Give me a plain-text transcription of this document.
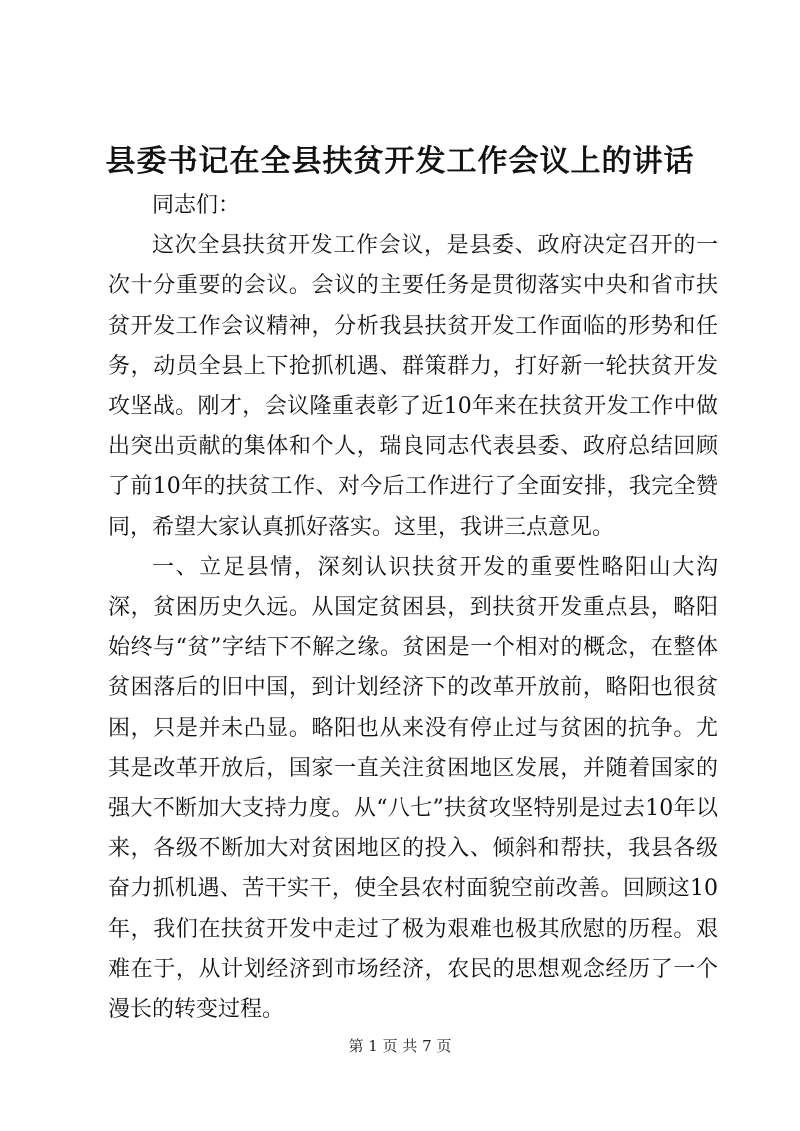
县委书记在全县扶贫开发工作会议上的讲话

同志们：

这次全县扶贫开发工作会议，是县委、政府决定召开的一次十分重要的会议。会议的主要任务是贯彻落实中央和省市扶贫开发工作会议精神，分析我县扶贫开发工作面临的形势和任务，动员全县上下抢抓机遇、群策群力，打好新一轮扶贫开发攻坚战。刚才，会议隆重表彰了近10年来在扶贫开发工作中做出突出贡献的集体和个人，瑞良同志代表县委、政府总结回顾了前10年的扶贫工作、对今后工作进行了全面安排，我完全赞同，希望大家认真抓好落实。这里，我讲三点意见。

一、立足县情，深刻认识扶贫开发的重要性略阳山大沟深，贫困历史久远。从国定贫困县，到扶贫开发重点县，略阳始终与“贫”字结下不解之缘。贫困是一个相对的概念，在整体贫困落后的旧中国，到计划经济下的改革开放前，略阳也很贫困，只是并未凸显。略阳也从来没有停止过与贫困的抗争。尤其是改革开放后，国家一直关注贫困地区发展，并随着国家的强大不断加大支持力度。从“八七”扶贫攻坚特别是过去10年以来，各级不断加大对贫困地区的投入、倾斜和帮扶，我县各级奋力抓机遇、苦干实干，使全县农村面貌空前改善。回顾这10年，我们在扶贫开发中走过了极为艰难也极其欣慰的历程。艰难在于，从计划经济到市场经济，农民的思想观念经历了一个漫长的转变过程。

第 1 页 共 7 页
